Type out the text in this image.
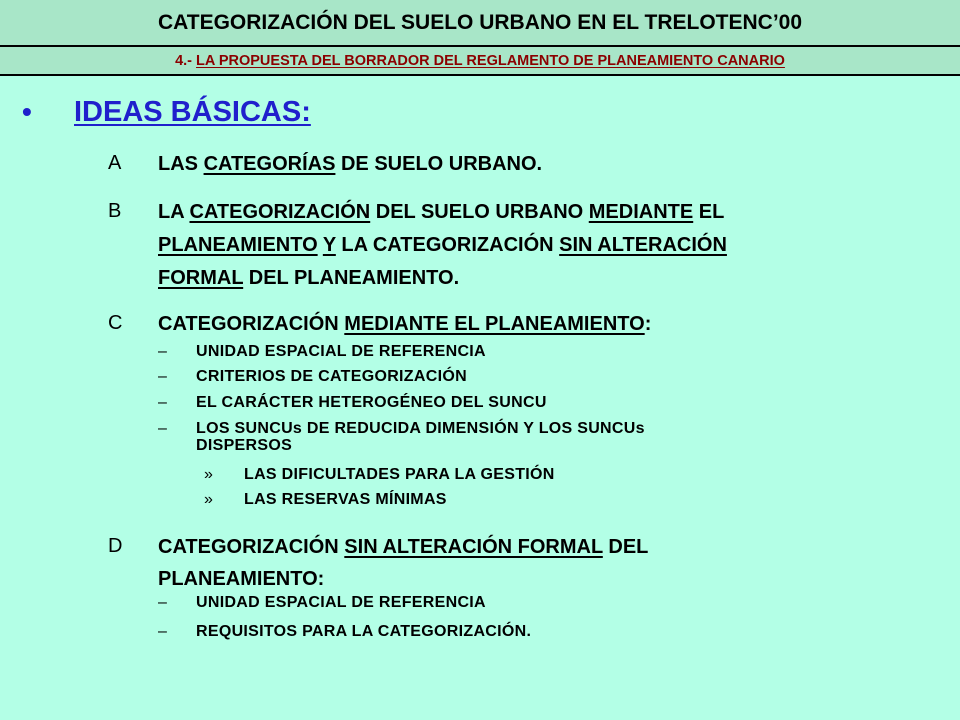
CATEGORIZACIÓN DEL SUELO URBANO EN EL TRELOTENC’00
4.- LA PROPUESTA DEL BORRADOR DEL REGLAMENTO DE PLANEAMIENTO CANARIO
• IDEAS BÁSICAS:
A LAS CATEGORÍAS DE SUELO URBANO.
B LA CATEGORIZACIÓN DEL SUELO URBANO MEDIANTE EL
PLANEAMIENTO Y LA CATEGORIZACIÓN SIN ALTERACIÓN
FORMAL DEL PLANEAMIENTO.
C CATEGORIZACIÓN MEDIANTE EL PLANEAMIENTO:
– UNIDAD ESPACIAL DE REFERENCIA
– CRITERIOS DE CATEGORIZACIÓN
– EL CARÁCTER HETEROGÉNEO DEL SUNCU
– LOS SUNCUs DE REDUCIDA DIMENSIÓN Y LOS SUNCUs DISPERSOS
» LAS DIFICULTADES PARA LA GESTIÓN
» LAS RESERVAS MÍNIMAS
D CATEGORIZACIÓN SIN ALTERACIÓN FORMAL DEL
PLANEAMIENTO:
– UNIDAD ESPACIAL DE REFERENCIA
– REQUISITOS PARA LA CATEGORIZACIÓN.
